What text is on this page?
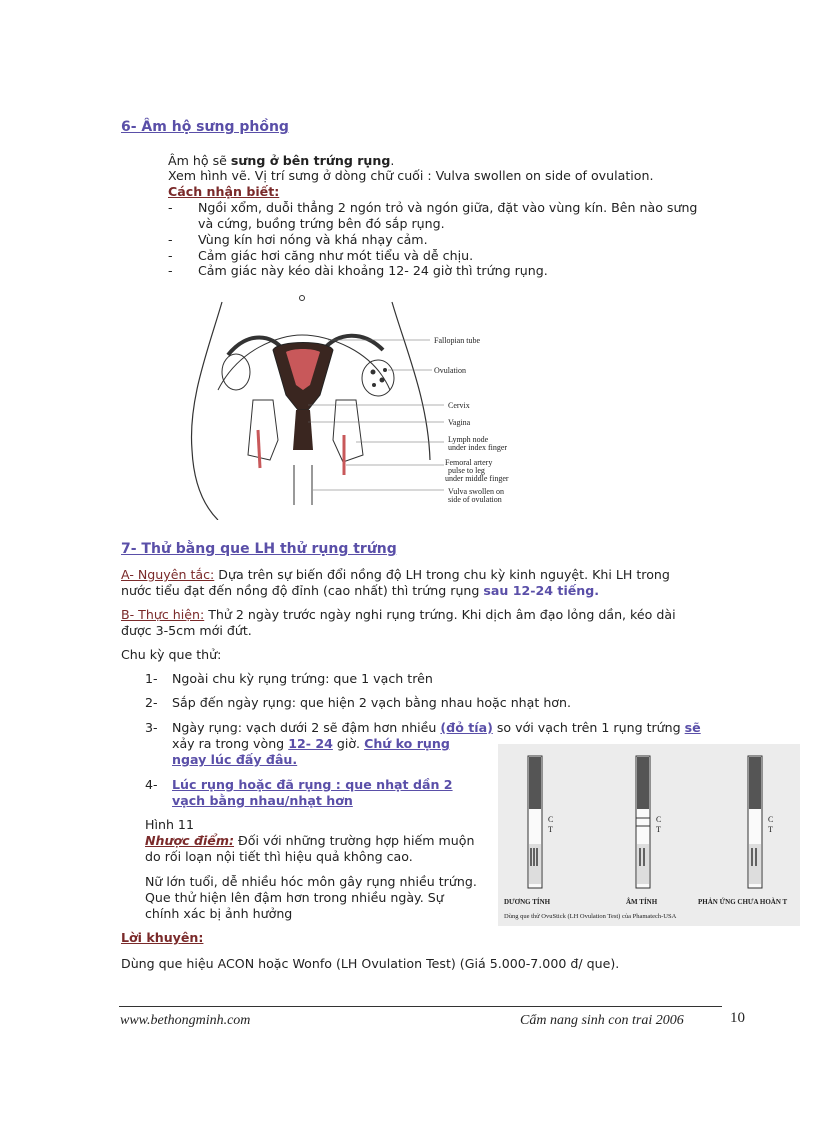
6- Âm hộ sưng phồng
Âm hộ sẽ sưng ở bên trứng rụng.
Xem hình vẽ. Vị trí sưng ở dòng chữ cuối : Vulva swollen on side of ovulation.
Cách nhận biết:
- Ngồi xổm, duỗi thẳng 2 ngón trỏ và ngón giữa, đặt vào vùng kín. Bên nào sưng
và cứng, buồng trứng bên đó sắp rụng.
- Vùng kín hơi nóng và khá nhạy cảm.
- Cảm giác hơi căng như mót tiểu và dễ chịu.
- Cảm giác này kéo dài khoảng 12- 24 giờ thì trứng rụng.
Fallopian tube
Ovulation
Cervix
Vagina
Lymph node
under index finger
Femoral artery
pulse to leg
under middle finger
Vulva swollen on
side of ovulation
7- Thử bằng que LH thử rụng trứng
A- Nguyên tắc: Dựa trên sự biến đổi nồng độ LH trong chu kỳ kinh nguyệt. Khi LH trong
nước tiểu đạt đến nồng độ đỉnh (cao nhất) thì trứng rụng sau 12-24 tiếng.
B- Thực hiện: Thử 2 ngày trước ngày nghi rụng trứng. Khi dịch âm đạo lỏng dần, kéo dài
được 3-5cm mới đứt.
Chu kỳ que thử:
1- Ngoài chu kỳ rụng trứng: que 1 vạch trên
2- Sắp đến ngày rụng: que hiện 2 vạch bằng nhau hoặc nhạt hơn.
3- Ngày rụng: vạch dưới 2 sẽ đậm hơn nhiều (đỏ tía) so với vạch trên 1 rụng trứng sẽ
xảy ra trong vòng 12- 24 giờ. Chứ ko rụng
ngay lúc đấy đâu.
4- Lúc rụng hoặc đã rụng : que nhạt dần 2
vạch bằng nhau/nhạt hơn
Hình 11
Nhược điểm: Đối với những trường hợp hiếm muộn
do rối loạn nội tiết thì hiệu quả không cao.
Nữ lớn tuổi, dễ nhiều hóc môn gây rụng nhiều trứng.
Que thử hiện lên đậm hơn trong nhiều ngày. Sự
chính xác bị ảnh hưởng
Lời khuyên:
Dùng que hiệu ACON hoặc Wonfo (LH Ovulation Test) (Giá 5.000-7.000 đ/ que).
C
T
C
T
C
T
DƯƠNG TÍNH	ÂM TÍNH	PHẢN ỨNG CHƯA HOÀN T
Dùng que thử OvuStick (LH Ovulation Test) của Phamatech-USA
www.bethongminh.com	Cẩm nang sinh con trai 2006	10
